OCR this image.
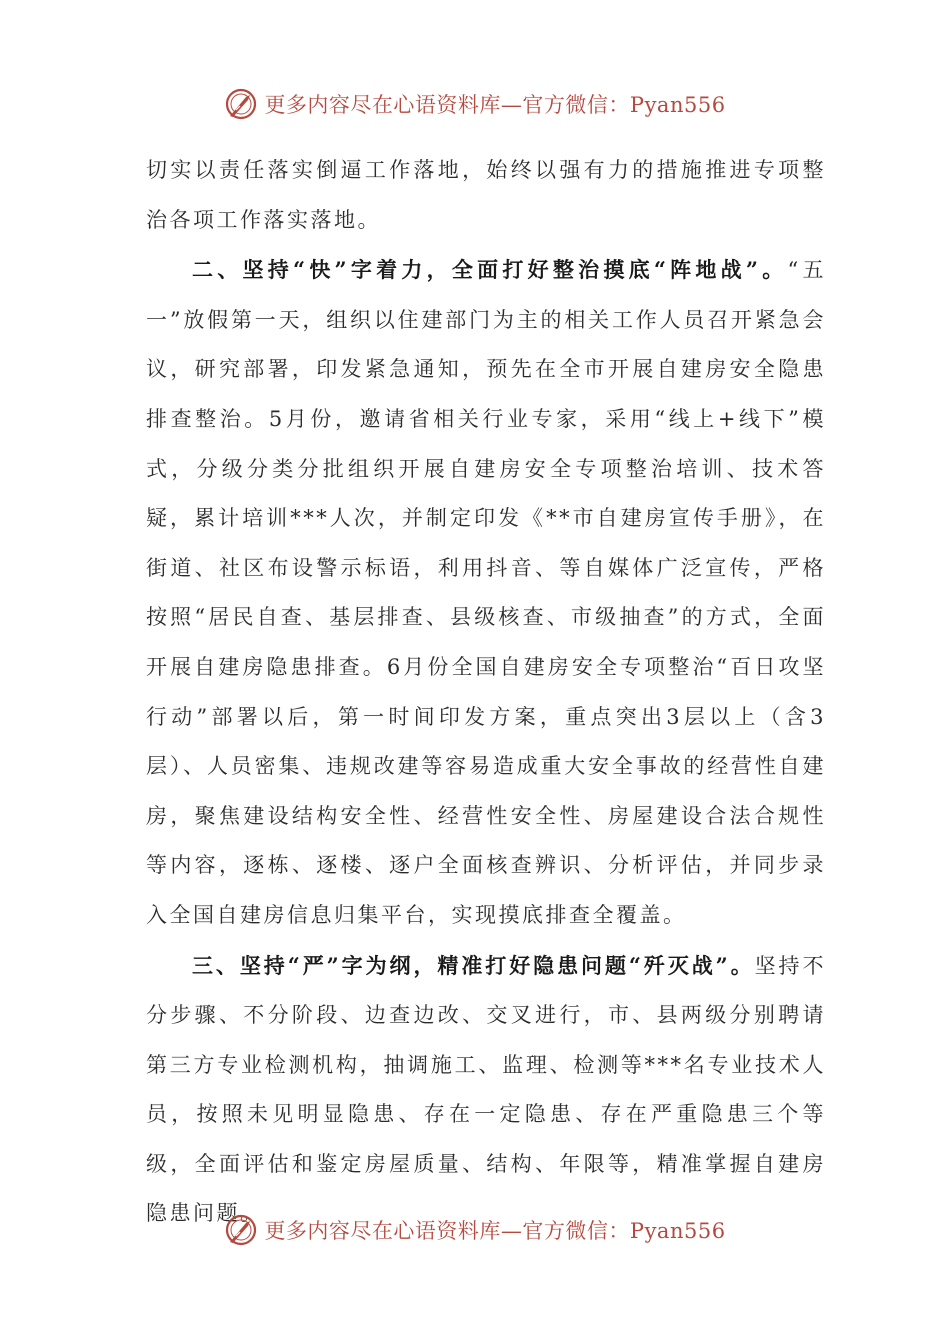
更多内容尽在心语资料库—官方微信：Pyan556

切实以责任落实倒逼工作落地，始终以强有力的措施推进专项整治各项工作落实落地。

二、坚持“快”字着力，全面打好整治摸底“阵地战”。“五一”放假第一天，组织以住建部门为主的相关工作人员召开紧急会议，研究部署，印发紧急通知，预先在全市开展自建房安全隐患排查整治。5月份，邀请省相关行业专家，采用“线上+线下”模式，分级分类分批组织开展自建房安全专项整治培训、技术答疑，累计培训***人次，并制定印发《**市自建房宣传手册》，在街道、社区布设警示标语，利用抖音、等自媒体广泛宣传，严格按照“居民自查、基层排查、县级核查、市级抽查”的方式，全面开展自建房隐患排查。6月份全国自建房安全专项整治“百日攻坚行动”部署以后，第一时间印发方案，重点突出3层以上（含3层）、人员密集、违规改建等容易造成重大安全事故的经营性自建房，聚焦建设结构安全性、经营性安全性、房屋建设合法合规性等内容，逐栋、逐楼、逐户全面核查辨识、分析评估，并同步录入全国自建房信息归集平台，实现摸底排查全覆盖。

三、坚持“严”字为纲，精准打好隐患问题“歼灭战”。坚持不分步骤、不分阶段、边查边改、交叉进行，市、县两级分别聘请第三方专业检测机构，抽调施工、监理、检测等***名专业技术人员，按照未见明显隐患、存在一定隐患、存在严重隐患三个等级，全面评估和鉴定房屋质量、结构、年限等，精准掌握自建房隐患问题。

更多内容尽在心语资料库—官方微信：Pyan556
